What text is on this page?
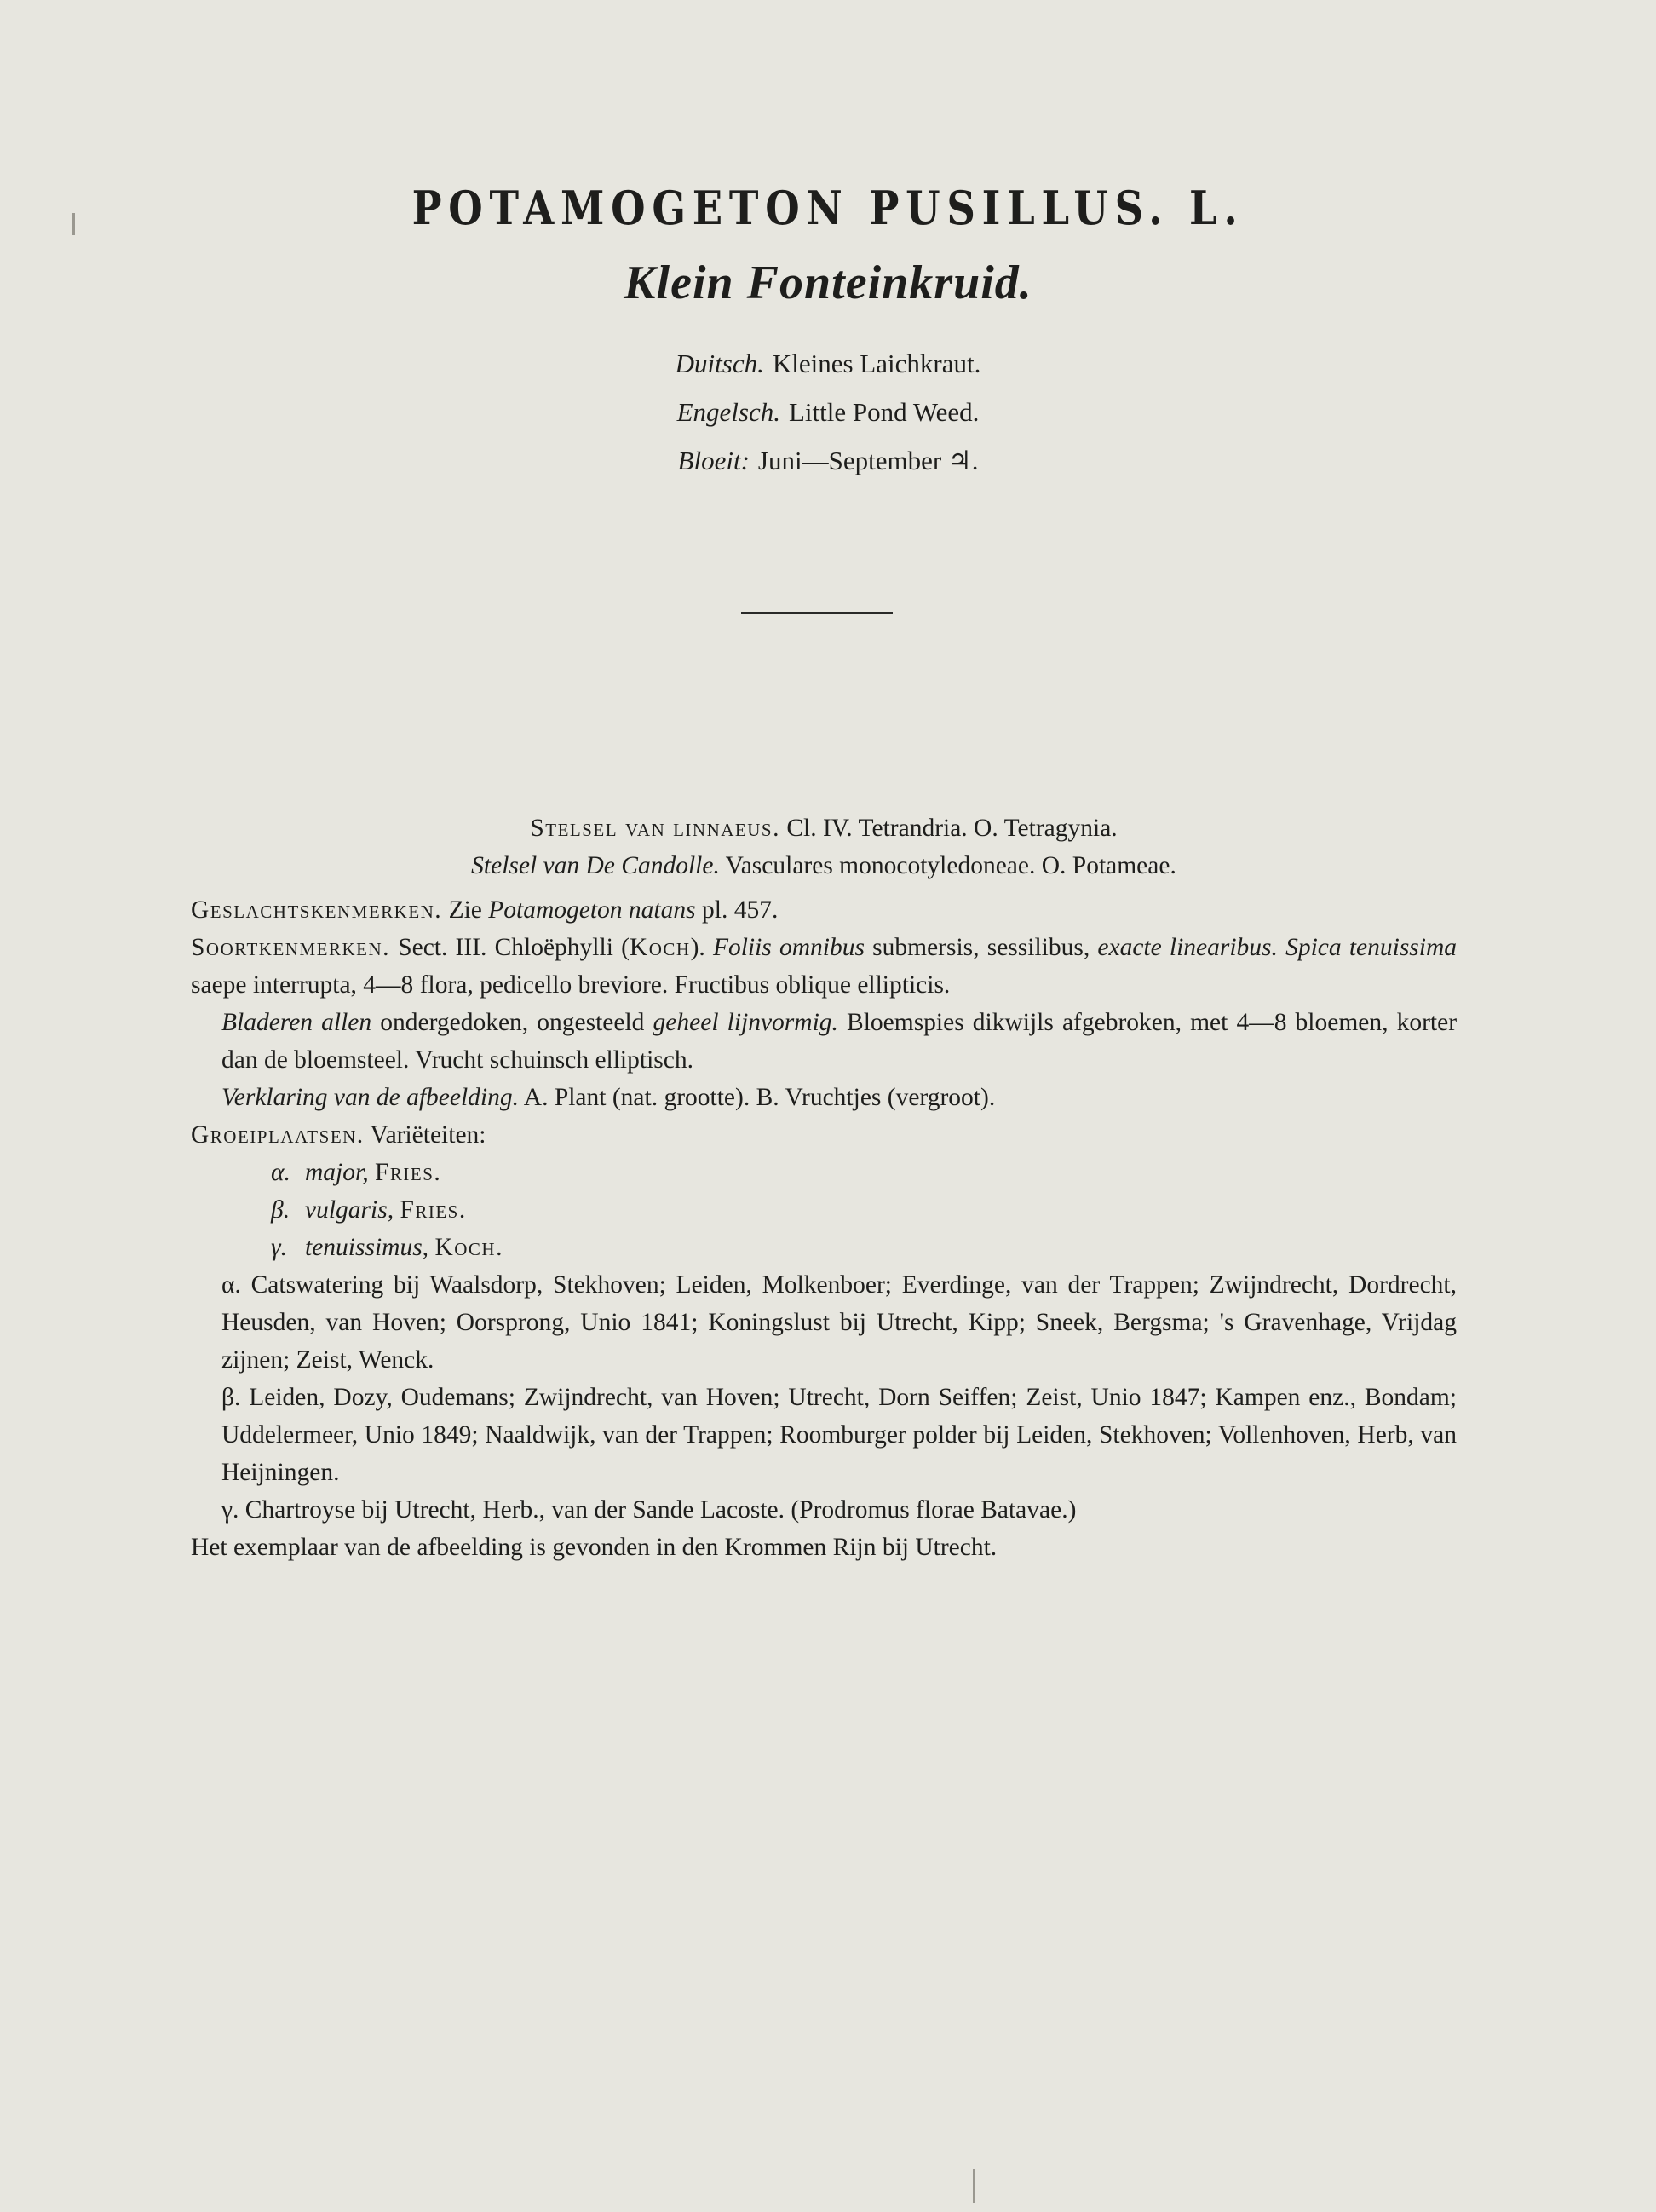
POTAMOGETON PUSILLUS. L.
Klein Fonteinkruid.
Duitsch. Kleines Laichkraut.
Engelsch. Little Pond Weed.
Bloeit: Juni—September ♃.
Stelsel van linnaeus. Cl. IV. Tetrandria. O. Tetragynia.
Stelsel van De Candolle. Vasculares monocotyledoneae. O. Potameae.
Geslachtskenmerken. Zie Potamogeton natans pl. 457.
Soortkenmerken. Sect. III. Chloëphylli (Koch). Foliis omnibus submersis, sessilibus, exacte linearibus. Spica tenuissima saepe interrupta, 4—8 flora, pedicello breviore. Fructibus oblique ellipticis.
Bladeren allen ondergedoken, ongesteeld geheel lijnvormig. Bloemspies dikwijls afgebroken, met 4—8 bloemen, korter dan de bloemsteel. Vrucht schuinsch elliptisch.
Verklaring van de afbeelding. A. Plant (nat. grootte). B. Vruchtjes (vergroot).
Groeiplaatsen. Variëteiten:
α. major, Fries.
β. vulgaris, Fries.
γ. tenuissimus, Koch.
α. Catswatering bij Waalsdorp, Stekhoven; Leiden, Molkenboer; Everdinge, van der Trappen; Zwijndrecht, Dordrecht, Heusden, van Hoven; Oorsprong, Unio 1841; Koningslust bij Utrecht, Kipp; Sneek, Bergsma; 's Gravenhage, Vrijdag zijnen; Zeist, Wenck.
β. Leiden, Dozy, Oudemans; Zwijndrecht, van Hoven; Utrecht, Dorn Seiffen; Zeist, Unio 1847; Kampen enz., Bondam; Uddelermeer, Unio 1849; Naaldwijk, van der Trappen; Roomburger polder bij Leiden, Stekhoven; Vollenhoven, Herb, van Heijningen.
γ. Chartroyse bij Utrecht, Herb., van der Sande Lacoste. (Prodromus florae Batavae.)
Het exemplaar van de afbeelding is gevonden in den Krommen Rijn bij Utrecht.
